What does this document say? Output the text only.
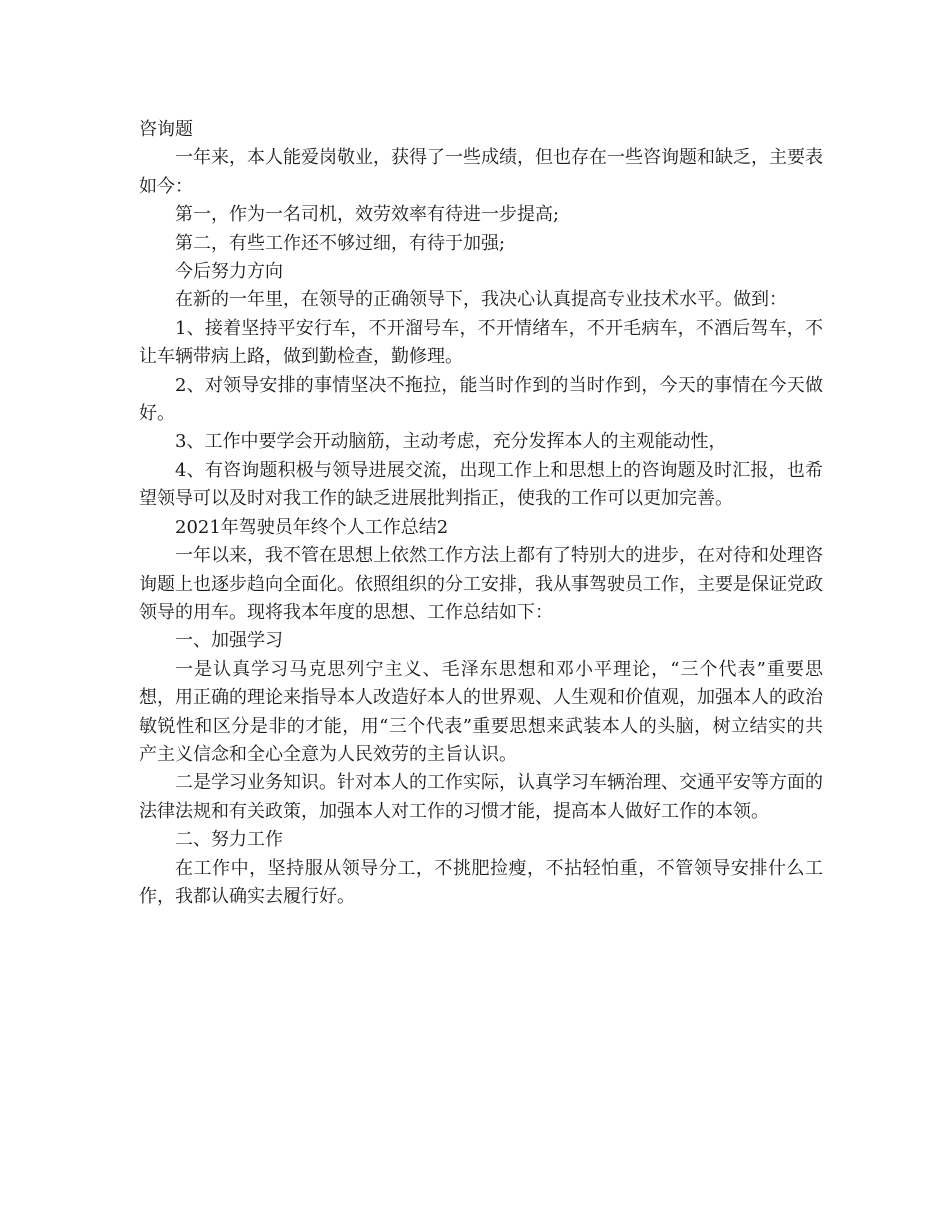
咨询题

一年来，本人能爱岗敬业，获得了一些成绩，但也存在一些咨询题和缺乏，主要表如今：

第一，作为一名司机，效劳效率有待进一步提高;

第二，有些工作还不够过细，有待于加强;

今后努力方向

在新的一年里，在领导的正确领导下，我决心认真提高专业技术水平。做到：

1、接着坚持平安行车，不开溜号车，不开情绪车，不开毛病车，不酒后驾车，不让车辆带病上路，做到勤检查，勤修理。

2、对领导安排的事情坚决不拖拉，能当时作到的当时作到，今天的事情在今天做好。

3、工作中要学会开动脑筋，主动考虑，充分发挥本人的主观能动性，

4、有咨询题积极与领导进展交流，出现工作上和思想上的咨询题及时汇报，也希望领导可以及时对我工作的缺乏进展批判指正，使我的工作可以更加完善。

2021年驾驶员年终个人工作总结2

一年以来，我不管在思想上依然工作方法上都有了特别大的进步，在对待和处理咨询题上也逐步趋向全面化。依照组织的分工安排，我从事驾驶员工作，主要是保证党政领导的用车。现将我本年度的思想、工作总结如下：

一、加强学习

一是认真学习马克思列宁主义、毛泽东思想和邓小平理论，“三个代表”重要思想，用正确的理论来指导本人改造好本人的世界观、人生观和价值观，加强本人的政治敏锐性和区分是非的才能，用“三个代表”重要思想来武装本人的头脑，树立结实的共产主义信念和全心全意为人民效劳的主旨认识。

二是学习业务知识。针对本人的工作实际，认真学习车辆治理、交通平安等方面的法律法规和有关政策，加强本人对工作的习惯才能，提高本人做好工作的本领。

二、努力工作

在工作中，坚持服从领导分工，不挑肥捡瘦，不拈轻怕重，不管领导安排什么工作，我都认确实去履行好。
